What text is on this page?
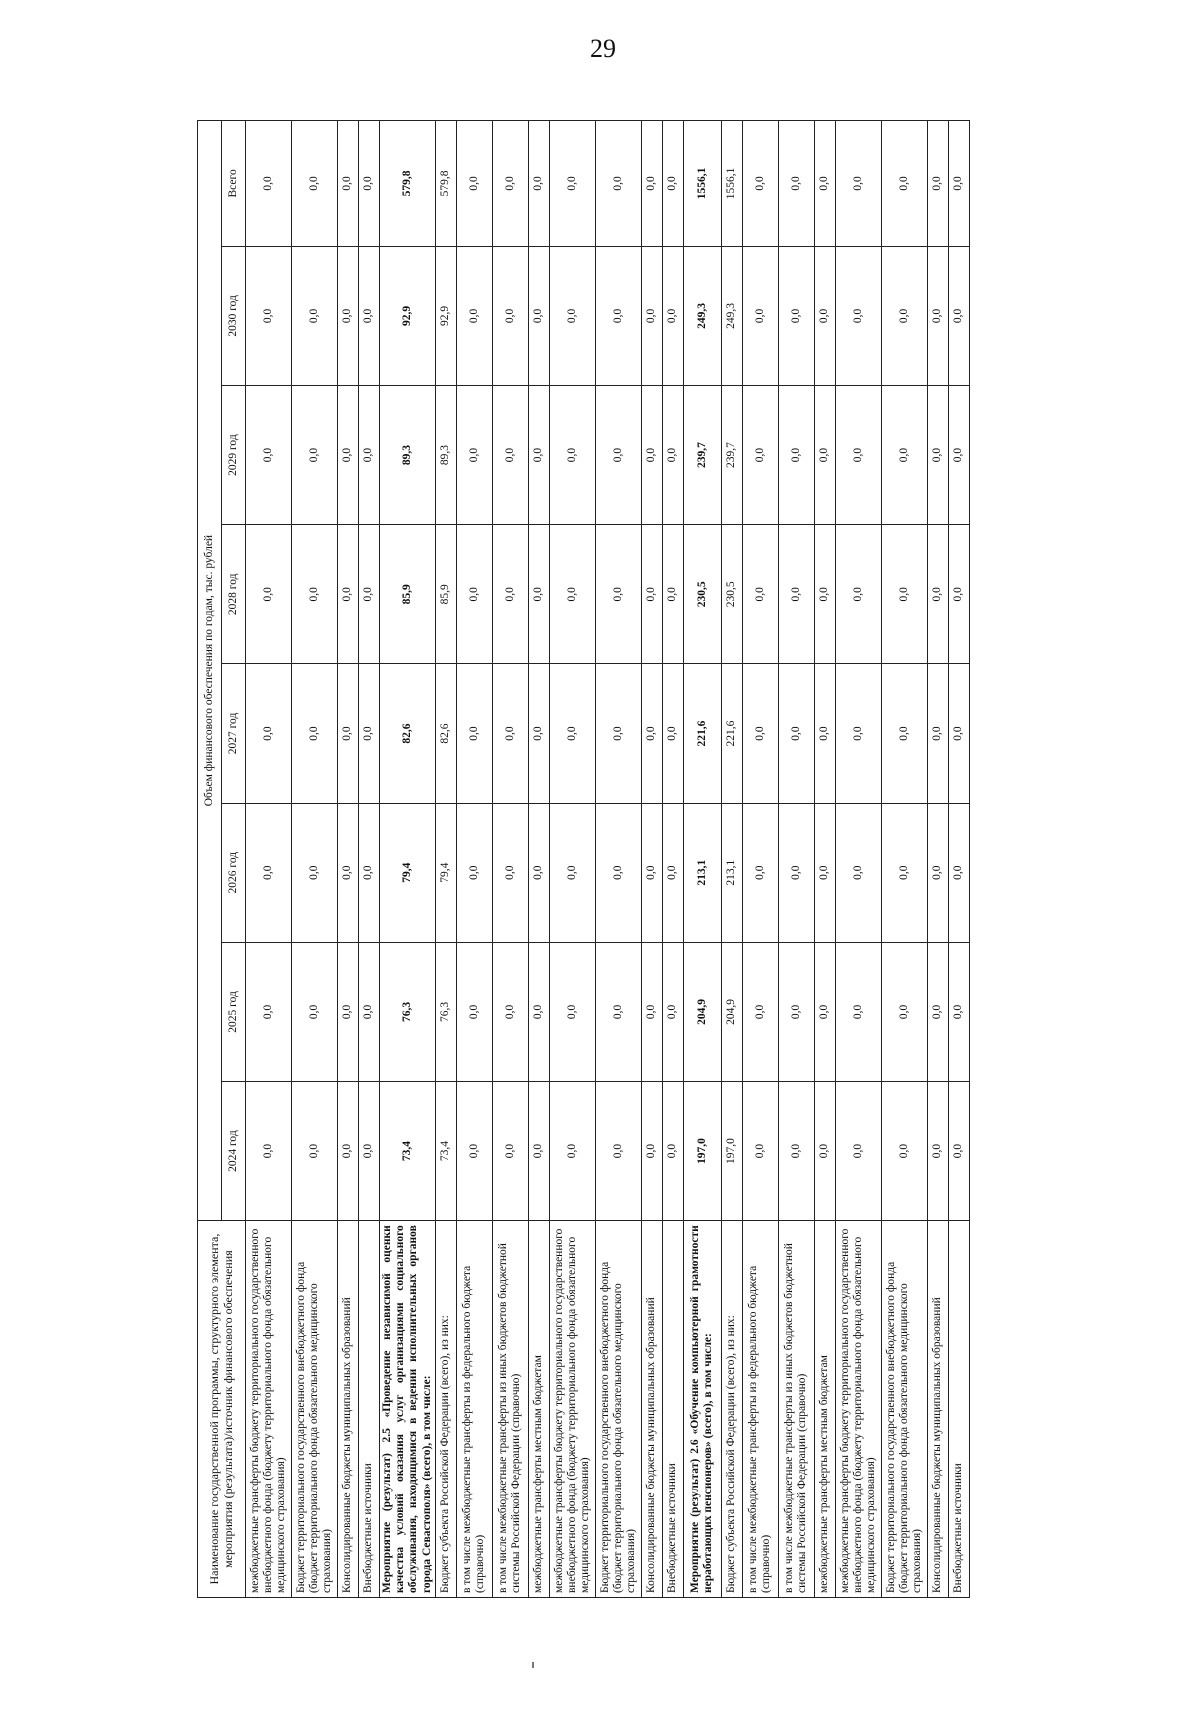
29
Наименование государственной программы, структурного элемента, мероприятия (результата)/источник финансового обеспечения	Объем финансового обеспечения по годам, тыс. рублей							
	2024 год	2025 год	2026 год	2027 год	2028 год	2029 год	2030 год	Всего
межбюджетные трансферты бюджету территориального государственного внебюджетного фонда (бюджету территориального фонда обязательного медицинского страхования)	0,0	0,0	0,0	0,0	0,0	0,0	0,0	0,0
Бюджет территориального государственного внебюджетного фонда (бюджет территориального фонда обязательного медицинского страхования)	0,0	0,0	0,0	0,0	0,0	0,0	0,0	0,0
Консолидированные бюджеты муниципальных образований	0,0	0,0	0,0	0,0	0,0	0,0	0,0	0,0
Внебюджетные источники	0,0	0,0	0,0	0,0	0,0	0,0	0,0	0,0
Мероприятие (результат) 2.5 «Проведение независимой оценки качества условий оказания услуг организациями социального обслуживания, находящимися в ведении исполнительных органов города Севастополя» (всего), в том числе:	73,4	76,3	79,4	82,6	85,9	89,3	92,9	579,8
Бюджет субъекта Российской Федерации (всего), из них:	73,4	76,3	79,4	82,6	85,9	89,3	92,9	579,8
в том числе межбюджетные трансферты из федерального бюджета (справочно)	0,0	0,0	0,0	0,0	0,0	0,0	0,0	0,0
в том числе межбюджетные трансферты из иных бюджетов бюджетной системы Российской Федерации (справочно)	0,0	0,0	0,0	0,0	0,0	0,0	0,0	0,0
межбюджетные трансферты местным бюджетам	0,0	0,0	0,0	0,0	0,0	0,0	0,0	0,0
межбюджетные трансферты бюджету территориального государственного внебюджетного фонда (бюджету территориального фонда обязательного медицинского страхования)	0,0	0,0	0,0	0,0	0,0	0,0	0,0	0,0
Бюджет территориального государственного внебюджетного фонда (бюджет территориального фонда обязательного медицинского страхования)	0,0	0,0	0,0	0,0	0,0	0,0	0,0	0,0
Консолидированные бюджеты муниципальных образований	0,0	0,0	0,0	0,0	0,0	0,0	0,0	0,0
Внебюджетные источники	0,0	0,0	0,0	0,0	0,0	0,0	0,0	0,0
Мероприятие (результат) 2.6 «Обучение компьютерной грамотности неработающих пенсионеров» (всего), в том числе:	197,0	204,9	213,1	221,6	230,5	239,7	249,3	1556,1
Бюджет субъекта Российской Федерации (всего), из них:	197,0	204,9	213,1	221,6	230,5	239,7	249,3	1556,1
в том числе межбюджетные трансферты из федерального бюджета (справочно)	0,0	0,0	0,0	0,0	0,0	0,0	0,0	0,0
в том числе межбюджетные трансферты из иных бюджетов бюджетной системы Российской Федерации (справочно)	0,0	0,0	0,0	0,0	0,0	0,0	0,0	0,0
межбюджетные трансферты местным бюджетам	0,0	0,0	0,0	0,0	0,0	0,0	0,0	0,0
межбюджетные трансферты бюджету территориального государственного внебюджетного фонда (бюджету территориального фонда обязательного медицинского страхования)	0,0	0,0	0,0	0,0	0,0	0,0	0,0	0,0
Бюджет территориального государственного внебюджетного фонда (бюджет территориального фонда обязательного медицинского страхования)	0,0	0,0	0,0	0,0	0,0	0,0	0,0	0,0
Консолидированные бюджеты муниципальных образований	0,0	0,0	0,0	0,0	0,0	0,0	0,0	0,0
Внебюджетные источники	0,0	0,0	0,0	0,0	0,0	0,0	0,0	0,0
